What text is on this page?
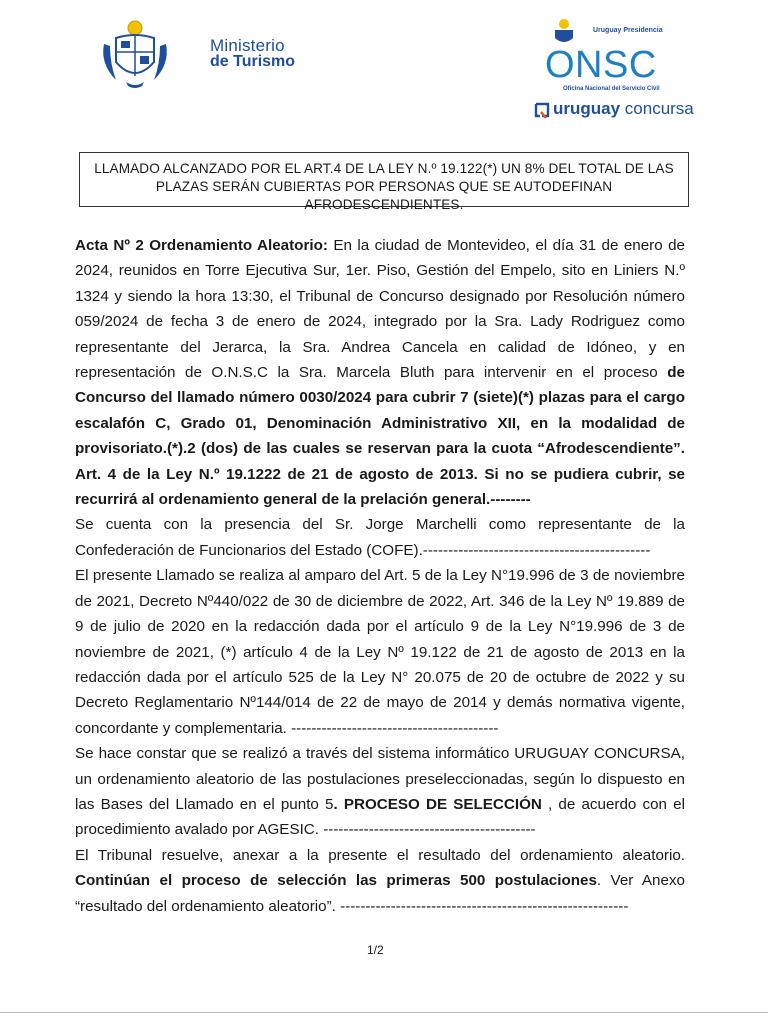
Ministerio
de Turismo
Uruguay Presidencia
ONSC
Oficina Nacional del Servicio Civil
uruguay concursa

LLAMADO ALCANZADO POR EL ART.4 DE LA LEY N.º 19.122(*) UN 8% DEL TOTAL DE LAS PLAZAS SERÁN CUBIERTAS POR PERSONAS QUE SE AUTODEFINAN AFRODESCENDIENTES.

Acta Nº 2 Ordenamiento Aleatorio: En la ciudad de Montevideo, el día 31 de enero de 2024, reunidos en Torre Ejecutiva Sur, 1er. Piso, Gestión del Empelo, sito en Liniers N.º 1324 y siendo la hora 13:30, el Tribunal de Concurso designado por Resolución número 059/2024 de fecha 3 de enero de 2024, integrado por la Sra. Lady Rodriguez como representante del Jerarca, la Sra. Andrea Cancela en calidad de Idóneo, y en representación de O.N.S.C la Sra. Marcela Bluth para intervenir en el proceso de Concurso del llamado número 0030/2024 para cubrir 7 (siete)(*) plazas para el cargo escalafón C, Grado 01, Denominación Administrativo XII, en la modalidad de provisoriato.(*).2 (dos) de las cuales se reservan para la cuota “Afrodescendiente”. Art. 4 de la Ley N.º 19.1222 de 21 de agosto de 2013. Si no se pudiera cubrir, se recurrirá al ordenamiento general de la prelación general.--------

Se cuenta con la presencia del Sr. Jorge Marchelli como representante de la Confederación de Funcionarios del Estado (COFE).---------------------------------------------

El presente Llamado se realiza al amparo del Art. 5 de la Ley N°19.996 de 3 de noviembre de 2021, Decreto Nº440/022 de 30 de diciembre de 2022, Art. 346 de la Ley Nº 19.889 de 9 de julio de 2020 en la redacción dada por el artículo 9 de la Ley N°19.996 de 3 de noviembre de 2021, (*) artículo 4 de la Ley Nº 19.122 de 21 de agosto de 2013 en la redacción dada por el artículo 525 de la Ley N° 20.075 de 20 de octubre de 2022 y su Decreto Reglamentario Nº144/014 de 22 de mayo de 2014 y demás normativa vigente, concordante y complementaria. -----------------------------------------

Se hace constar que se realizó a través del sistema informático URUGUAY CONCURSA, un ordenamiento aleatorio de las postulaciones preseleccionadas, según lo dispuesto en las Bases del Llamado en el punto 5. PROCESO DE SELECCIÓN , de acuerdo con el procedimiento avalado por AGESIC. ------------------------------------------

El Tribunal resuelve, anexar a la presente el resultado del ordenamiento aleatorio. Continúan el proceso de selección las primeras 500 postulaciones. Ver Anexo “resultado del ordenamiento aleatorio”. ---------------------------------------------------------

1/2
